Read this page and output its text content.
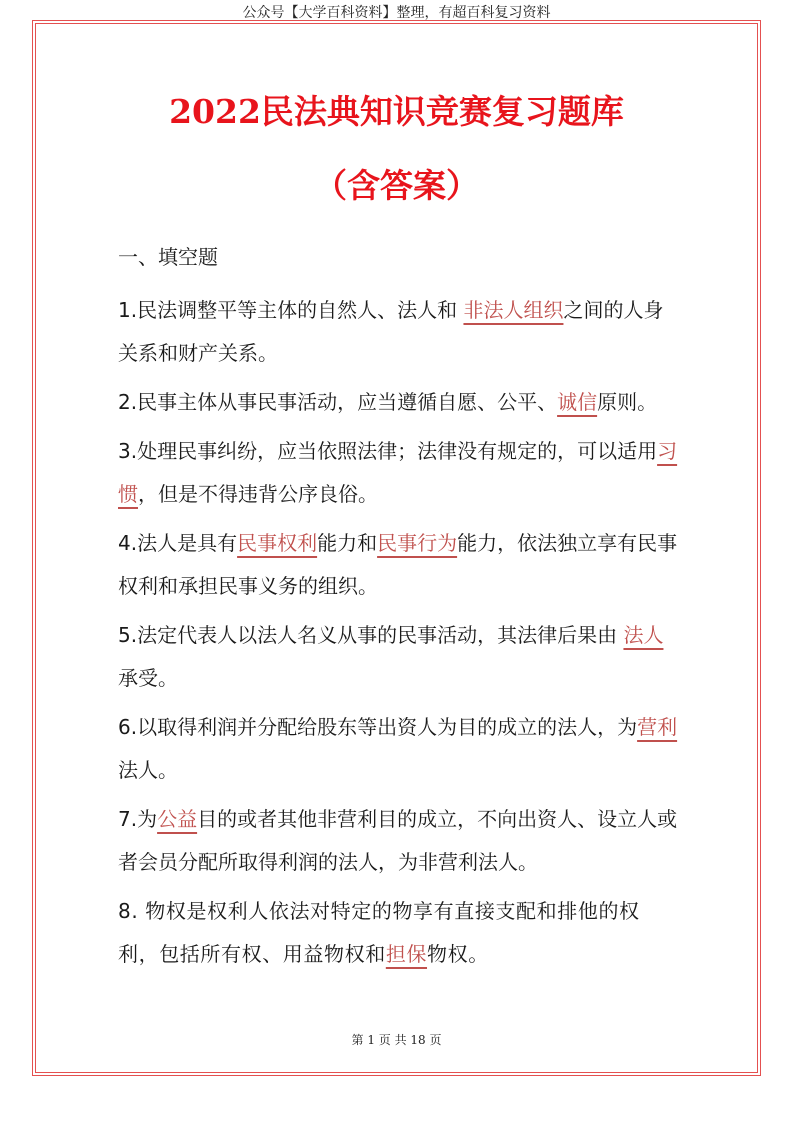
公众号【大学百科资料】整理，有超百科复习资料
2022民法典知识竞赛复习题库
（含答案）
一、填空题

1.民法调整平等主体的自然人、法人和 非法人组织之间的人身关系和财产关系。

2.民事主体从事民事活动，应当遵循自愿、公平、诚信原则。

3.处理民事纠纷，应当依照法律；法律没有规定的，可以适用习惯，但是不得违背公序良俗。

4.法人是具有民事权利能力和民事行为能力，依法独立享有民事权利和承担民事义务的组织。

5.法定代表人以法人名义从事的民事活动，其法律后果由 法人承受。

6.以取得利润并分配给股东等出资人为目的成立的法人，为营利法人。

7.为公益目的或者其他非营利目的成立，不向出资人、设立人或者会员分配所取得利润的法人，为非营利法人。

8. 物权是权利人依法对特定的物享有直接支配和排他的权利，包括所有权、用益物权和担保物权。

第 1 页 共 18 页
